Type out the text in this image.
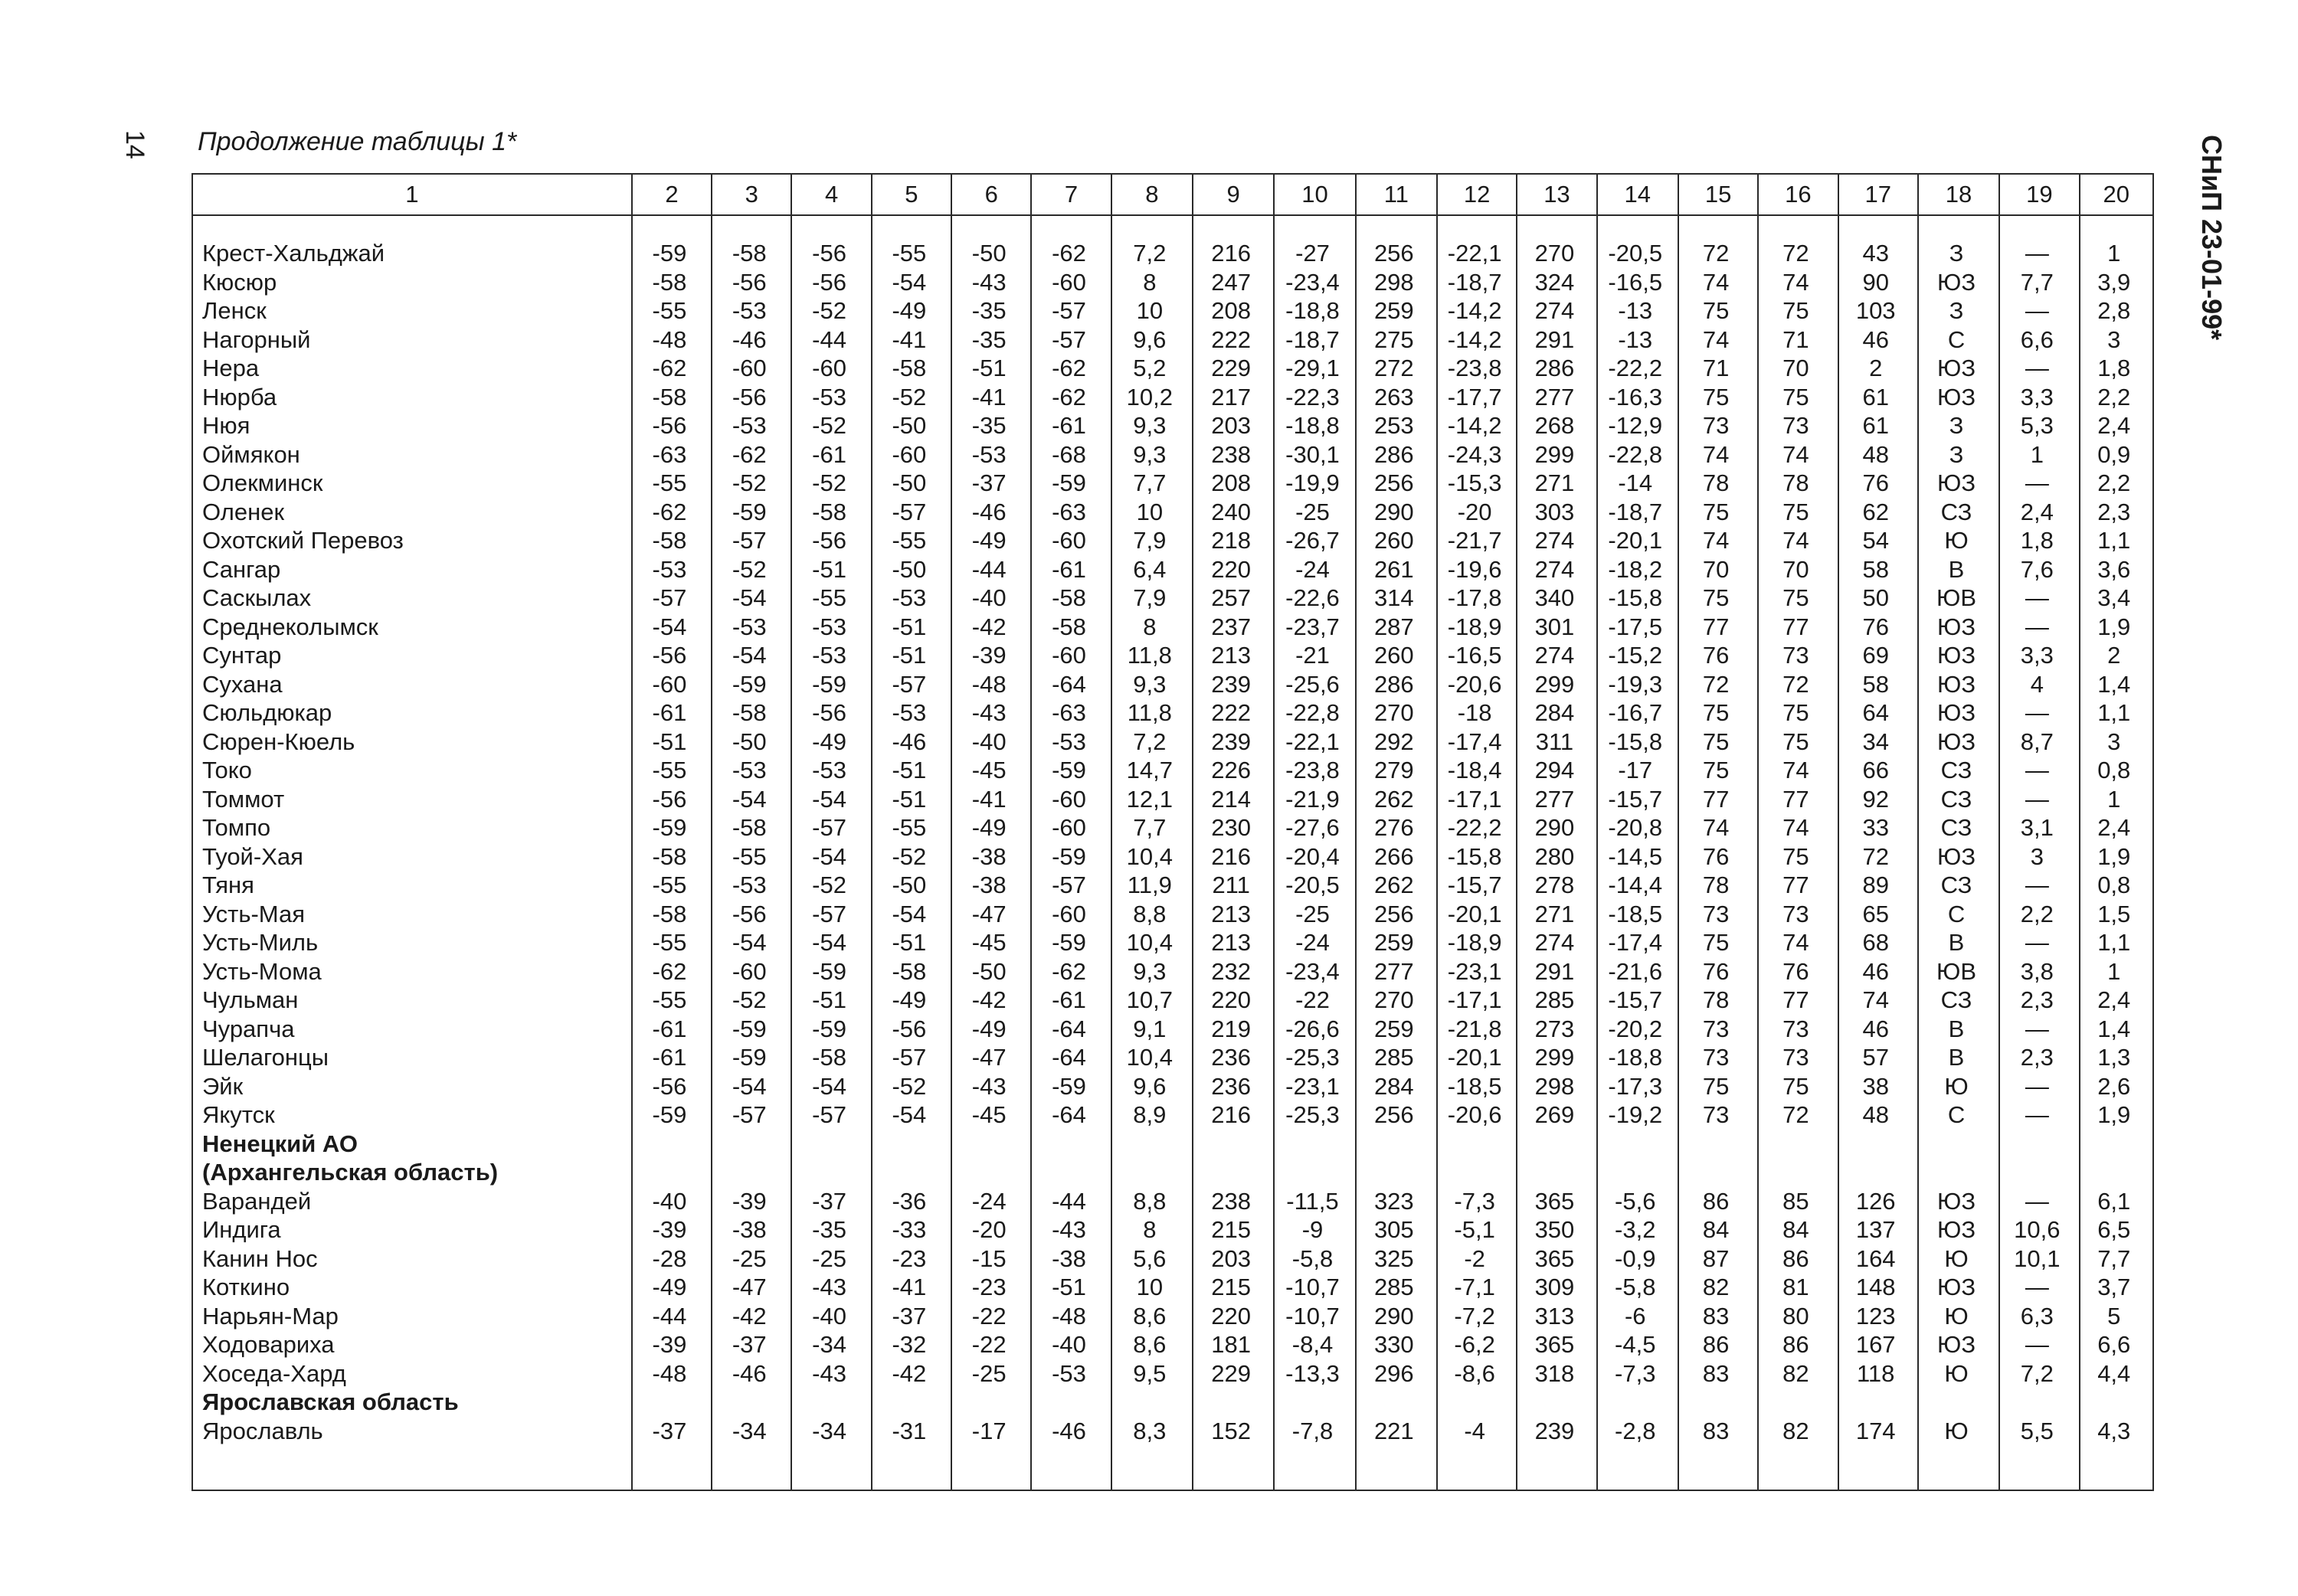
14 Продолжение таблицы 1*	СНиП 23-01-99*
1	2	3	4	5	6	7	8	9	10	11	12	13	14	15	16	17	18	19	20

Крест-Хальджай	-59	-58	-56	-55	-50	-62	7,2	216	-27	256	-22,1	270	-20,5	72	72	43	З	—	1
Кюсюр	-58	-56	-56	-54	-43	-60	8	247	-23,4	298	-18,7	324	-16,5	74	74	90	ЮЗ	7,7	3,9
Ленск	-55	-53	-52	-49	-35	-57	10	208	-18,8	259	-14,2	274	-13	75	75	103	З	—	2,8
Нагорный	-48	-46	-44	-41	-35	-57	9,6	222	-18,7	275	-14,2	291	-13	74	71	46	С	6,6	3
Нера	-62	-60	-60	-58	-51	-62	5,2	229	-29,1	272	-23,8	286	-22,2	71	70	2	ЮЗ	—	1,8
Нюрба	-58	-56	-53	-52	-41	-62	10,2	217	-22,3	263	-17,7	277	-16,3	75	75	61	ЮЗ	3,3	2,2
Нюя	-56	-53	-52	-50	-35	-61	9,3	203	-18,8	253	-14,2	268	-12,9	73	73	61	З	5,3	2,4
Оймякон	-63	-62	-61	-60	-53	-68	9,3	238	-30,1	286	-24,3	299	-22,8	74	74	48	З	1	0,9
Олекминск	-55	-52	-52	-50	-37	-59	7,7	208	-19,9	256	-15,3	271	-14	78	78	76	ЮЗ	—	2,2
Оленек	-62	-59	-58	-57	-46	-63	10	240	-25	290	-20	303	-18,7	75	75	62	СЗ	2,4	2,3
Охотский Перевоз	-58	-57	-56	-55	-49	-60	7,9	218	-26,7	260	-21,7	274	-20,1	74	74	54	Ю	1,8	1,1
Сангар	-53	-52	-51	-50	-44	-61	6,4	220	-24	261	-19,6	274	-18,2	70	70	58	В	7,6	3,6
Саскылах	-57	-54	-55	-53	-40	-58	7,9	257	-22,6	314	-17,8	340	-15,8	75	75	50	ЮВ	—	3,4
Среднеколымск	-54	-53	-53	-51	-42	-58	8	237	-23,7	287	-18,9	301	-17,5	77	77	76	ЮЗ	—	1,9
Сунтар	-56	-54	-53	-51	-39	-60	11,8	213	-21	260	-16,5	274	-15,2	76	73	69	ЮЗ	3,3	2
Сухана	-60	-59	-59	-57	-48	-64	9,3	239	-25,6	286	-20,6	299	-19,3	72	72	58	ЮЗ	4	1,4
Сюльдюкар	-61	-58	-56	-53	-43	-63	11,8	222	-22,8	270	-18	284	-16,7	75	75	64	ЮЗ	—	1,1
Сюрен-Кюель	-51	-50	-49	-46	-40	-53	7,2	239	-22,1	292	-17,4	311	-15,8	75	75	34	ЮЗ	8,7	3
Токо	-55	-53	-53	-51	-45	-59	14,7	226	-23,8	279	-18,4	294	-17	75	74	66	СЗ	—	0,8
Томмот	-56	-54	-54	-51	-41	-60	12,1	214	-21,9	262	-17,1	277	-15,7	77	77	92	СЗ	—	1
Томпо	-59	-58	-57	-55	-49	-60	7,7	230	-27,6	276	-22,2	290	-20,8	74	74	33	СЗ	3,1	2,4
Туой-Хая	-58	-55	-54	-52	-38	-59	10,4	216	-20,4	266	-15,8	280	-14,5	76	75	72	ЮЗ	3	1,9
Тяня	-55	-53	-52	-50	-38	-57	11,9	211	-20,5	262	-15,7	278	-14,4	78	77	89	СЗ	—	0,8
Усть-Мая	-58	-56	-57	-54	-47	-60	8,8	213	-25	256	-20,1	271	-18,5	73	73	65	С	2,2	1,5
Усть-Миль	-55	-54	-54	-51	-45	-59	10,4	213	-24	259	-18,9	274	-17,4	75	74	68	В	—	1,1
Усть-Мома	-62	-60	-59	-58	-50	-62	9,3	232	-23,4	277	-23,1	291	-21,6	76	76	46	ЮВ	3,8	1
Чульман	-55	-52	-51	-49	-42	-61	10,7	220	-22	270	-17,1	285	-15,7	78	77	74	СЗ	2,3	2,4
Чурапча	-61	-59	-59	-56	-49	-64	9,1	219	-26,6	259	-21,8	273	-20,2	73	73	46	В	—	1,4
Шелагонцы	-61	-59	-58	-57	-47	-64	10,4	236	-25,3	285	-20,1	299	-18,8	73	73	57	В	2,3	1,3
Эйк	-56	-54	-54	-52	-43	-59	9,6	236	-23,1	284	-18,5	298	-17,3	75	75	38	Ю	—	2,6
Якутск	-59	-57	-57	-54	-45	-64	8,9	216	-25,3	256	-20,6	269	-19,2	73	72	48	С	—	1,9
Ненецкий АО																			
(Архангельская область)																			
Варандей	-40	-39	-37	-36	-24	-44	8,8	238	-11,5	323	-7,3	365	-5,6	86	85	126	ЮЗ	—	6,1
Индига	-39	-38	-35	-33	-20	-43	8	215	-9	305	-5,1	350	-3,2	84	84	137	ЮЗ	10,6	6,5
Канин Нос	-28	-25	-25	-23	-15	-38	5,6	203	-5,8	325	-2	365	-0,9	87	86	164	Ю	10,1	7,7
Коткино	-49	-47	-43	-41	-23	-51	10	215	-10,7	285	-7,1	309	-5,8	82	81	148	ЮЗ	—	3,7
Нарьян-Мар	-44	-42	-40	-37	-22	-48	8,6	220	-10,7	290	-7,2	313	-6	83	80	123	Ю	6,3	5
Ходовариха	-39	-37	-34	-32	-22	-40	8,6	181	-8,4	330	-6,2	365	-4,5	86	86	167	ЮЗ	—	6,6
Хоседа-Хард	-48	-46	-43	-42	-25	-53	9,5	229	-13,3	296	-8,6	318	-7,3	83	82	118	Ю	7,2	4,4
Ярославская область																			
Ярославль	-37	-34	-34	-31	-17	-46	8,3	152	-7,8	221	-4	239	-2,8	83	82	174	Ю	5,5	4,3
